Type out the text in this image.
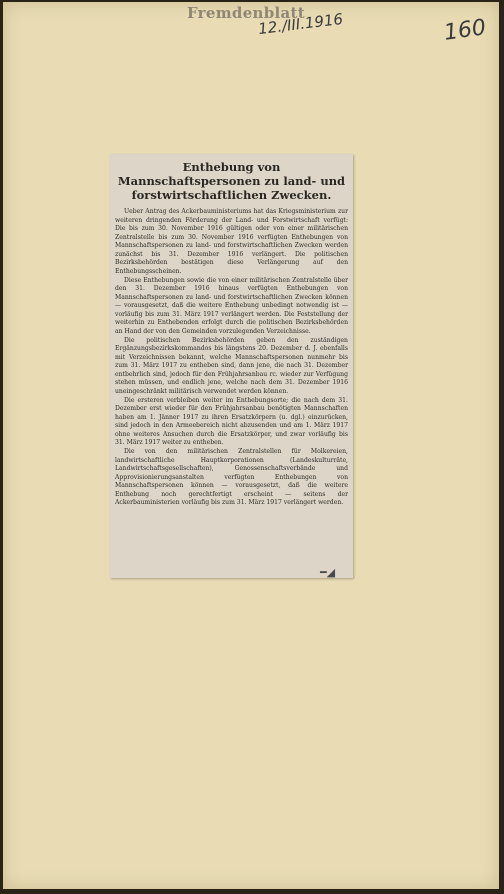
Fremdenblatt
12./III.1916	160
Enthebung von Mannschaftspersonen zu land- und forstwirtschaftlichen Zwecken.

Ueber Antrag des Ackerbauministeriums hat das Kriegsministerium zur weiteren dringenden Förderung der Land- und Forstwirtschaft verfügt: Die bis zum 30. November 1916 gültigen oder von einer militärischen Zentralstelle bis zum 30. November 1916 verfügten Enthebungen von Mannschaftspersonen zu land- und forstwirtschaftlichen Zwecken werden zunächst bis 31. Dezember 1916 verlängert. Die politischen Bezirksbehörden bestätigen diese Verlängerung auf den Enthebungsscheinen.

Diese Enthebungen sowie die von einer militärischen Zentralstelle über den 31. Dezember 1916 hinaus verfügten Enthebungen von Mannschaftspersonen zu land- und forstwirtschaftlichen Zwecken können — vorausgesetzt, daß die weitere Enthebung unbedingt notwendig ist — vorläufig bis zum 31. März 1917 verlängert werden. Die Feststellung der weiterhin zu Enthebenden erfolgt durch die politischen Bezirksbehörden an Hand der von den Gemeinden vorzulegenden Verzeichnisse.

Die politischen Bezirksbehörden geben den zuständigen Ergänzungsbezirkskommandos bis längstens 20. Dezember d. J. ebenfalls mit Verzeichnissen bekannt, welche Mannschaftspersonen nunmehr bis zum 31. März 1917 zu entheben sind, dann jene, die nach 31. Dezember entbehrlich sind, jedoch für den Frühjahrsanbau rc. wieder zur Verfügung stehen müssen, und endlich jene, welche nach dem 31. Dezember 1916 uneingeschränkt militärisch verwendet werden können.

Die ersteren verbleiben weiter im Enthebungsorte; die nach dem 31. Dezember erst wieder für den Frühjahrsanbau benötigten Mannschaften haben am 1. Jänner 1917 zu ihren Ersatzkörpern (u. dgl.) einzurücken, sind jedoch in den Armeebereich nicht abzusenden und am 1. März 1917 ohne weiteres Ansuchen durch die Ersatzkörper, und zwar vorläufig bis 31. März 1917 weiter zu entheben.

Die von den militärischen Zentralstellen für Molkereien, landwirtschaftliche Hauptkorporationen (Landeskulturräte, Landwirtschaftsgesellschaften), Genossenschaftsverbände und Approvisionierungsanstalten verfügten Enthebungen von Mannschaftspersonen können — vorausgesetzt, daß die weitere Enthebung noch gerechtfertigt erscheint — seitens der Ackerbauministerien vorläufig bis zum 31. März 1917 verlängert werden.

━◢
